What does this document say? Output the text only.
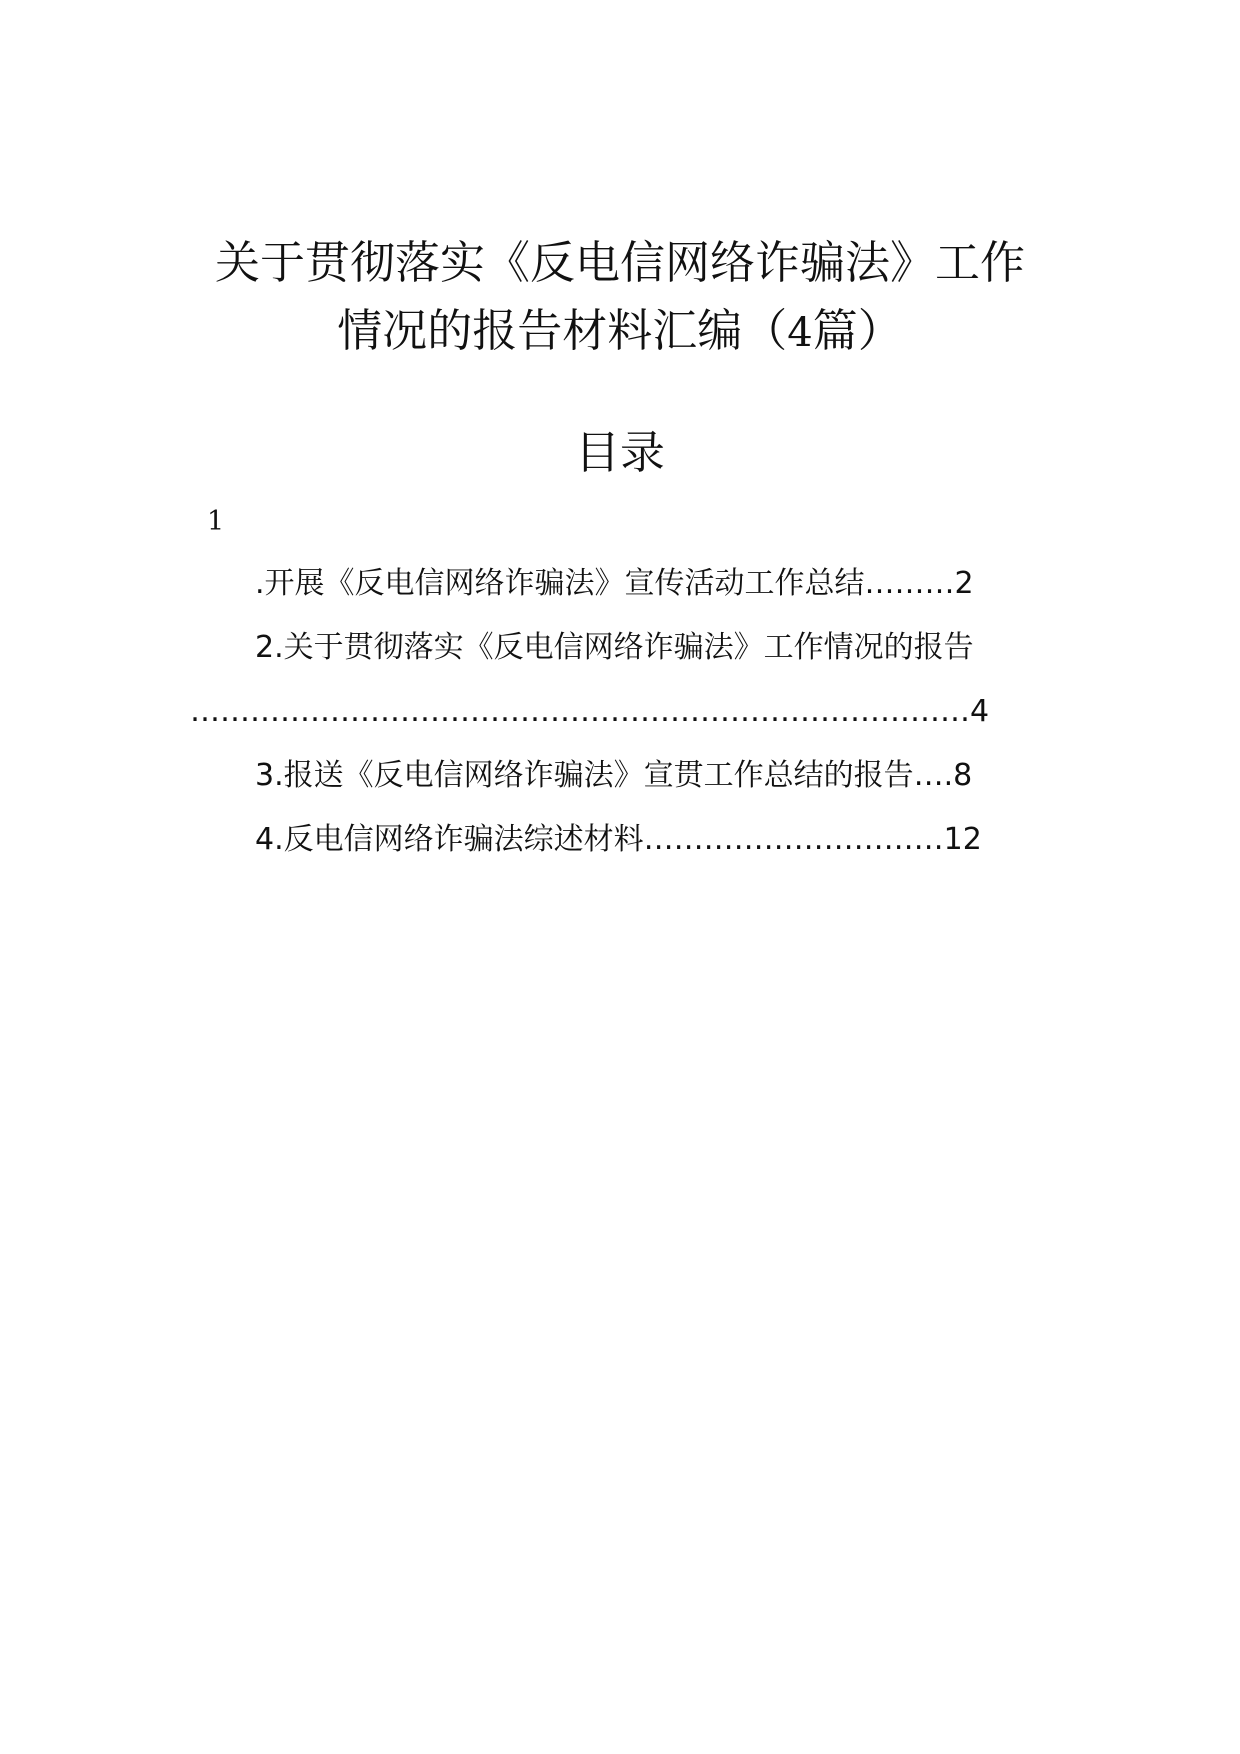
关于贯彻落实《反电信网络诈骗法》工作
情况的报告材料汇编（4篇）
目录
1
.开展《反电信网络诈骗法》宣传活动工作总结………2
2.关于贯彻落实《反电信网络诈骗法》工作情况的报告
……………………………………………………………………4
3.报送《反电信网络诈骗法》宣贯工作总结的报告….8
4.反电信网络诈骗法综述材料…………………………12
